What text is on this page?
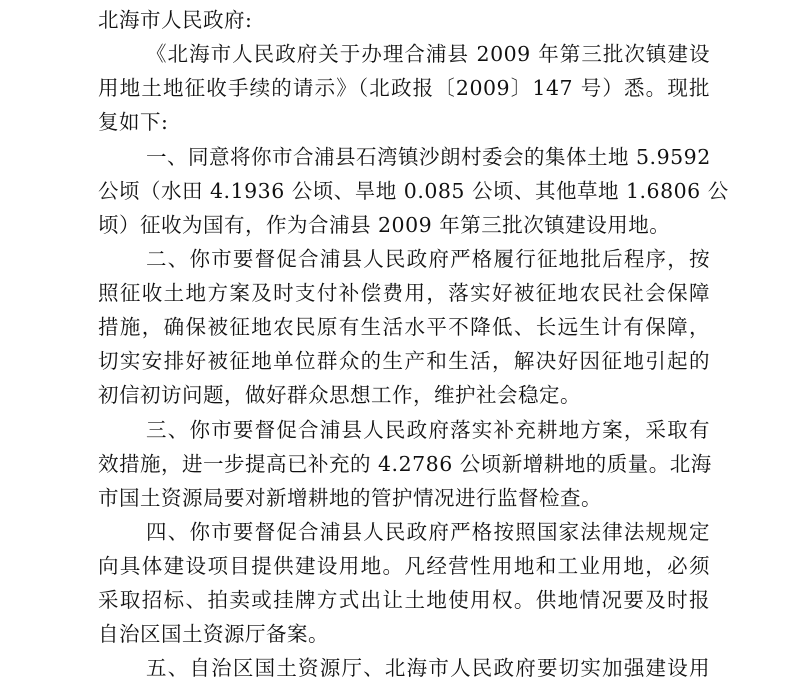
北海市人民政府:
《北海市人民政府关于办理合浦县 2009 年第三批次镇建设
用地土地征收手续的请示》（北政报〔2009〕147 号）悉。现批
复如下:
一、同意将你市合浦县石湾镇沙朗村委会的集体土地 5.9592
公顷（水田 4.1936 公顷、旱地 0.085 公顷、其他草地 1.6806 公
顷）征收为国有，作为合浦县 2009 年第三批次镇建设用地。
二、你市要督促合浦县人民政府严格履行征地批后程序，按
照征收土地方案及时支付补偿费用，落实好被征地农民社会保障
措施，确保被征地农民原有生活水平不降低、长远生计有保障，
切实安排好被征地单位群众的生产和生活，解决好因征地引起的
初信初访问题，做好群众思想工作，维护社会稳定。
三、你市要督促合浦县人民政府落实补充耕地方案，采取有
效措施，进一步提高已补充的 4.2786 公顷新增耕地的质量。北海
市国土资源局要对新增耕地的管护情况进行监督检查。
四、你市要督促合浦县人民政府严格按照国家法律法规规定
向具体建设项目提供建设用地。凡经营性用地和工业用地，必须
采取招标、拍卖或挂牌方式出让土地使用权。供地情况要及时报
自治区国土资源厅备案。
五、自治区国土资源厅、北海市人民政府要切实加强建设用
